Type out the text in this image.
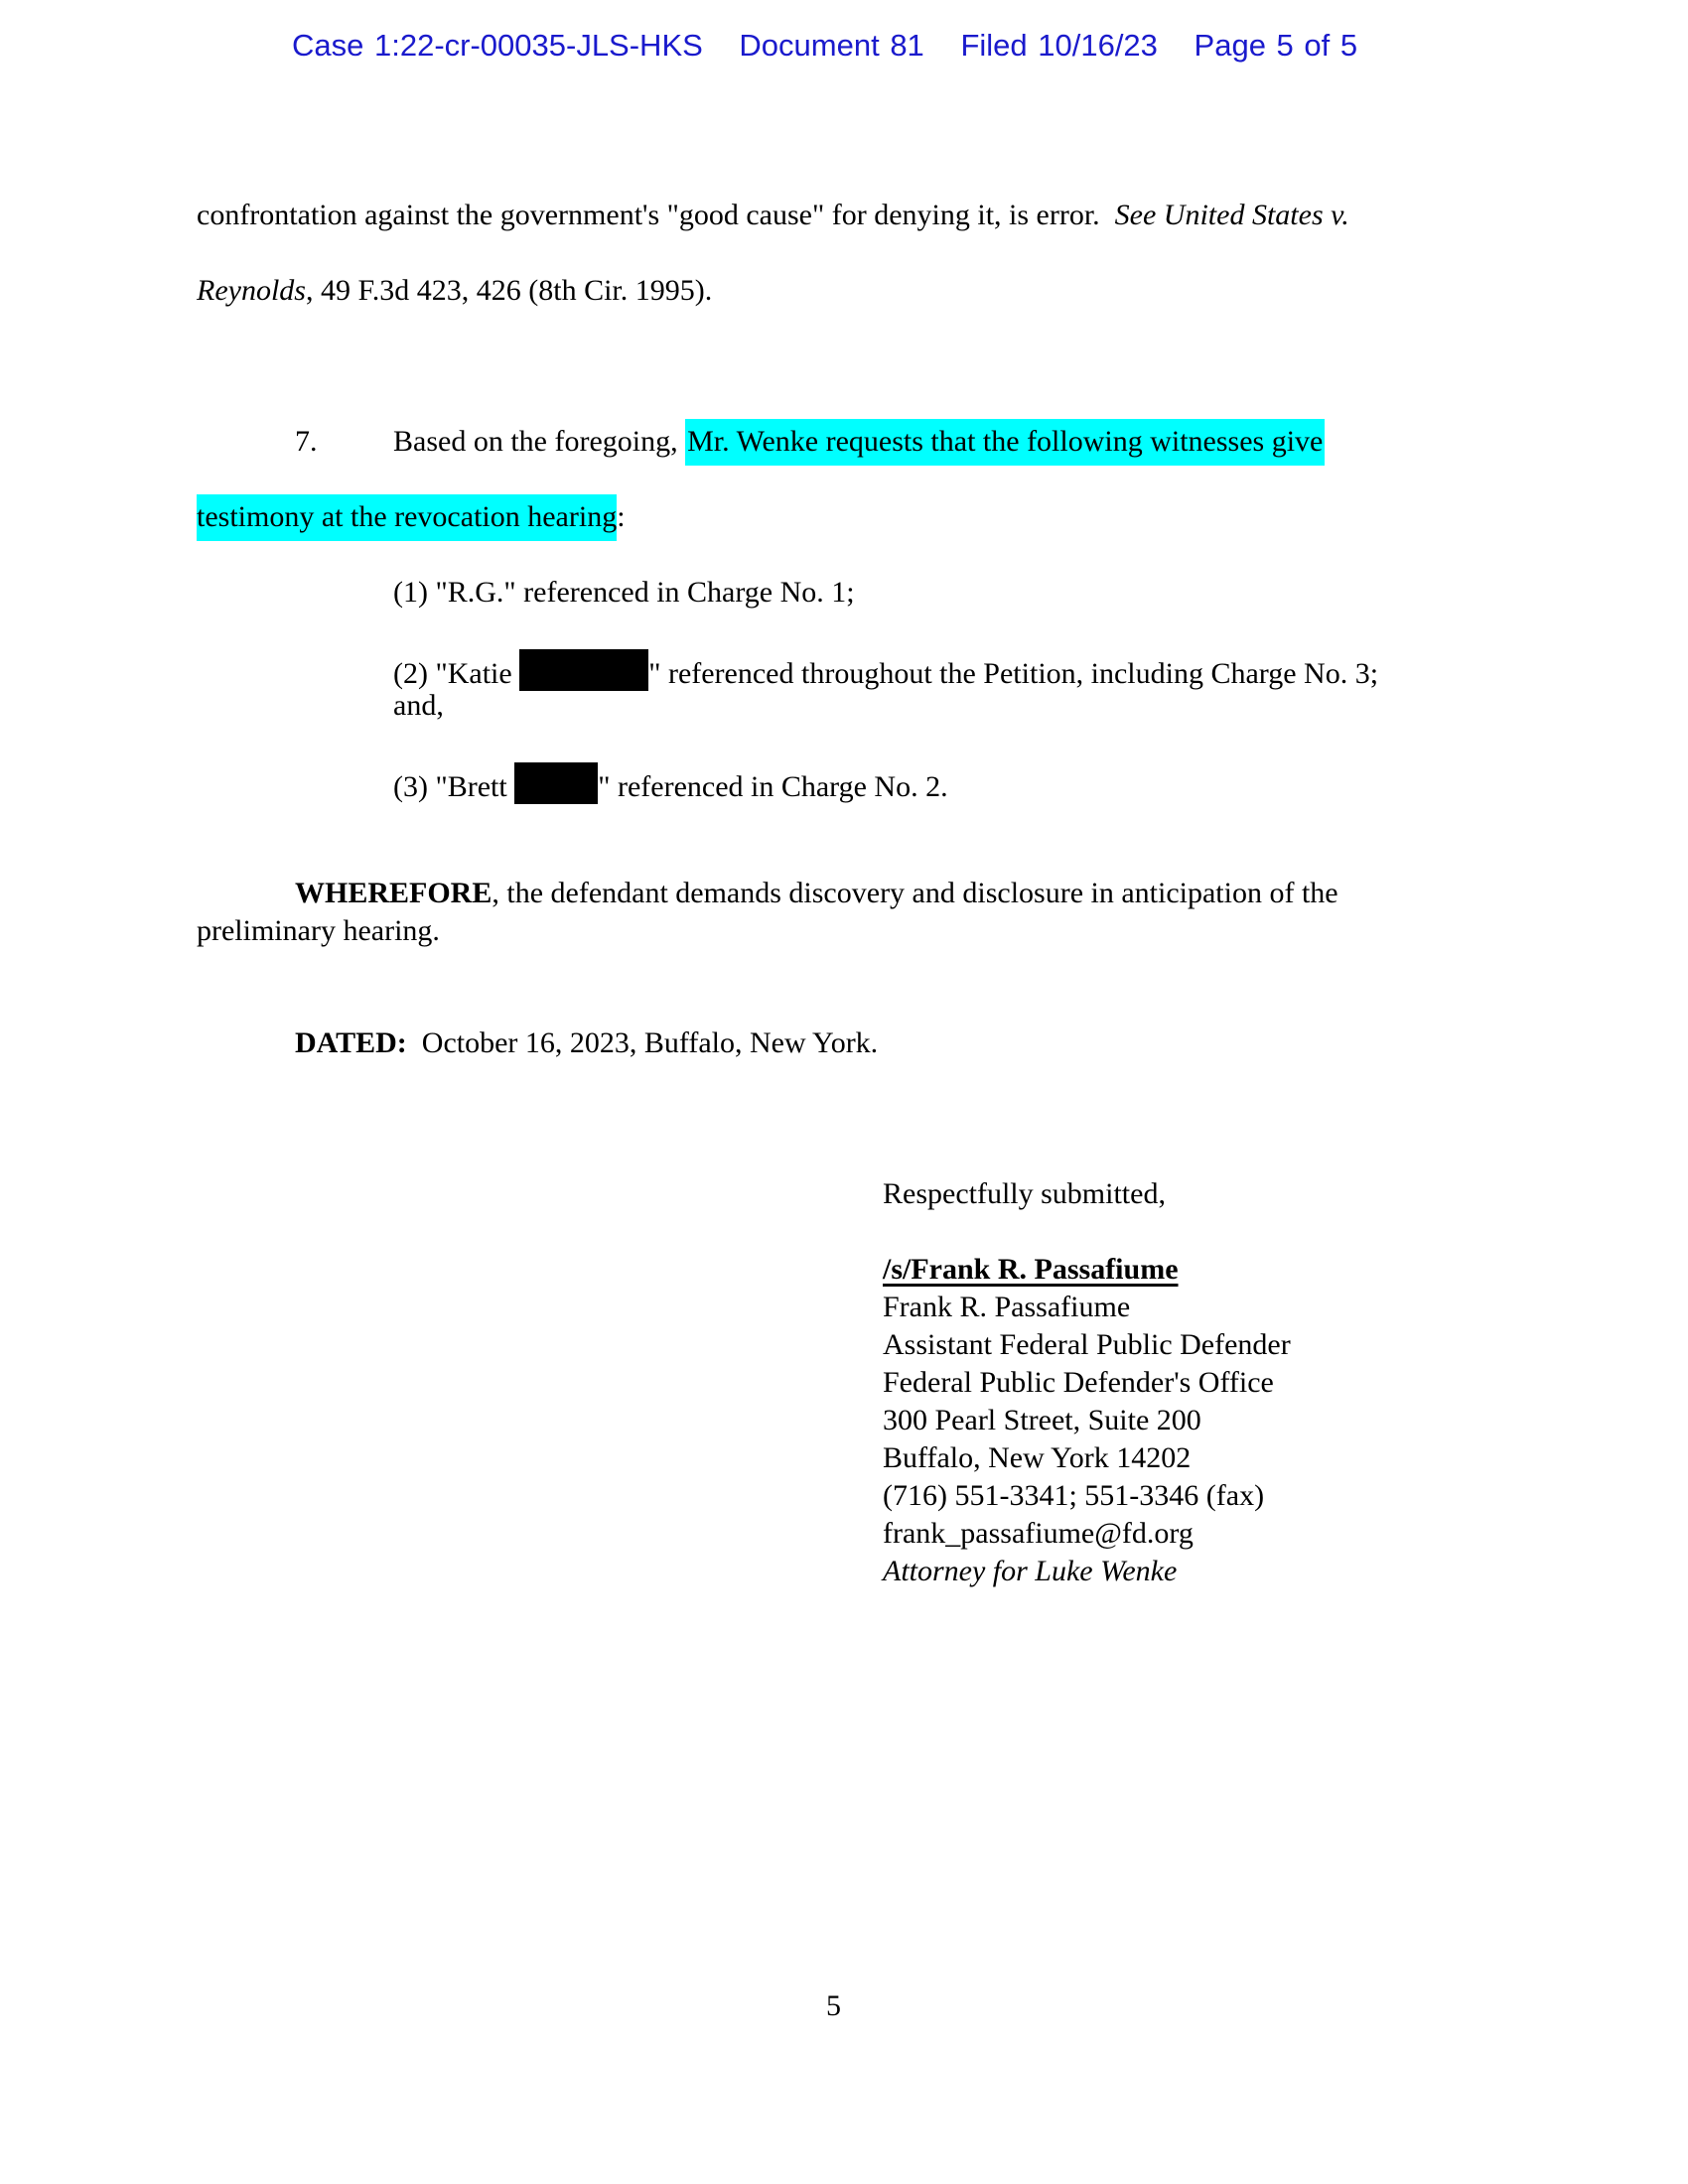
Case 1:22-cr-00035-JLS-HKS Document 81 Filed 10/16/23 Page 5 of 5
confrontation against the government's "good cause" for denying it, is error.  See United States v.
Reynolds, 49 F.3d 423, 426 (8th Cir. 1995).
7.	Based on the foregoing, Mr. Wenke requests that the following witnesses give
testimony at the revocation hearing:
(1) "R.G." referenced in Charge No. 1;
(2) "Katie	" referenced throughout the Petition, including Charge No. 3;
and,
(3) "Brett	" referenced in Charge No. 2.
WHEREFORE, the defendant demands discovery and disclosure in anticipation of the
preliminary hearing.
DATED:  October 16, 2023, Buffalo, New York.
Respectfully submitted,
/s/Frank R. Passafiume
Frank R. Passafiume
Assistant Federal Public Defender
Federal Public Defender's Office
300 Pearl Street, Suite 200
Buffalo, New York 14202
(716) 551-3341; 551-3346 (fax)
frank_passafiume@fd.org
Attorney for Luke Wenke
5
